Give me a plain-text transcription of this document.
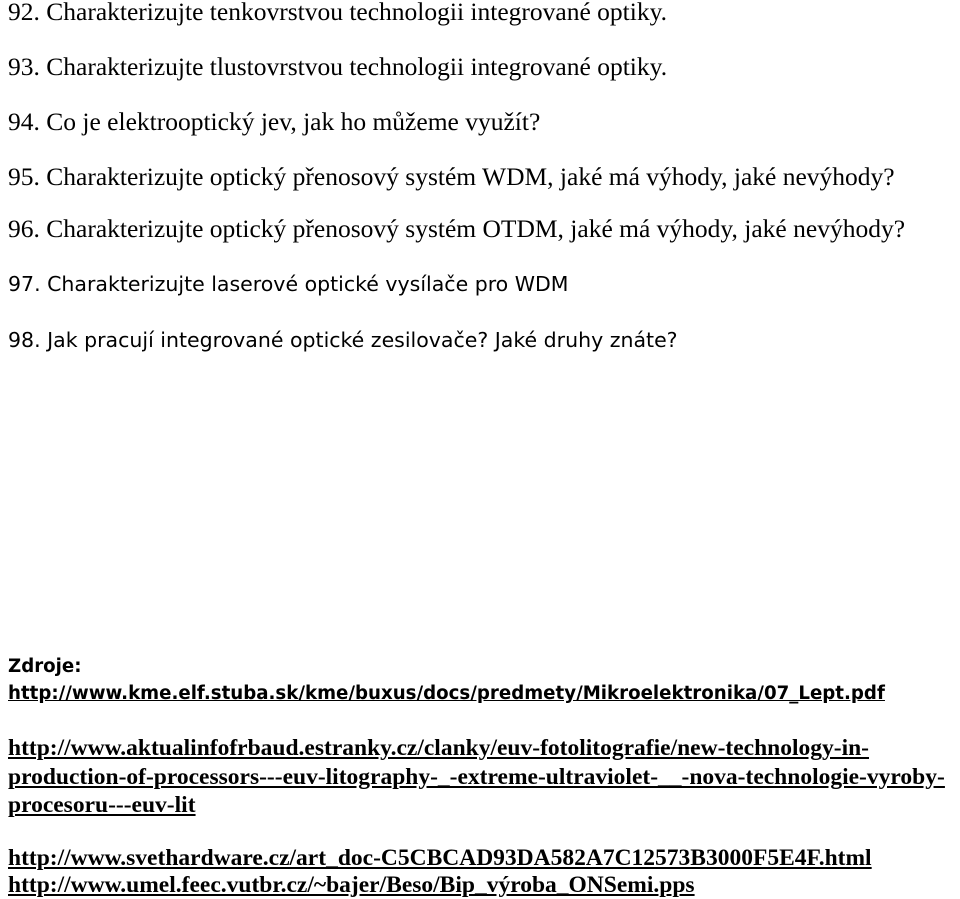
92. Charakterizujte tenkovrstvou technologii integrované optiky.

93. Charakterizujte tlustovrstvou technologii integrované optiky.

94. Co je elektrooptický jev, jak ho můžeme využít?

95. Charakterizujte optický přenosový systém WDM, jaké má výhody, jaké nevýhody?

96. Charakterizujte optický přenosový systém OTDM, jaké má výhody, jaké nevýhody?

97. Charakterizujte laserové optické vysílače pro WDM

98. Jak pracují integrované optické zesilovače? Jaké druhy znáte?

Zdroje:

http://www.kme.elf.stuba.sk/kme/buxus/docs/predmety/Mikroelektronika/07_Lept.pdf
http://www.aktualinfofrbaud.estranky.cz/clanky/euv-fotolitografie/new-technology-in-
production-of-processors---euv-litography-_-extreme-ultraviolet-__-nova-technologie-vyroby-
procesoru---euv-lit
http://www.svethardware.cz/art_doc-C5CBCAD93DA582A7C12573B3000F5E4F.html
http://www.umel.feec.vutbr.cz/~bajer/Beso/Bip_výroba_ONSemi.pps
